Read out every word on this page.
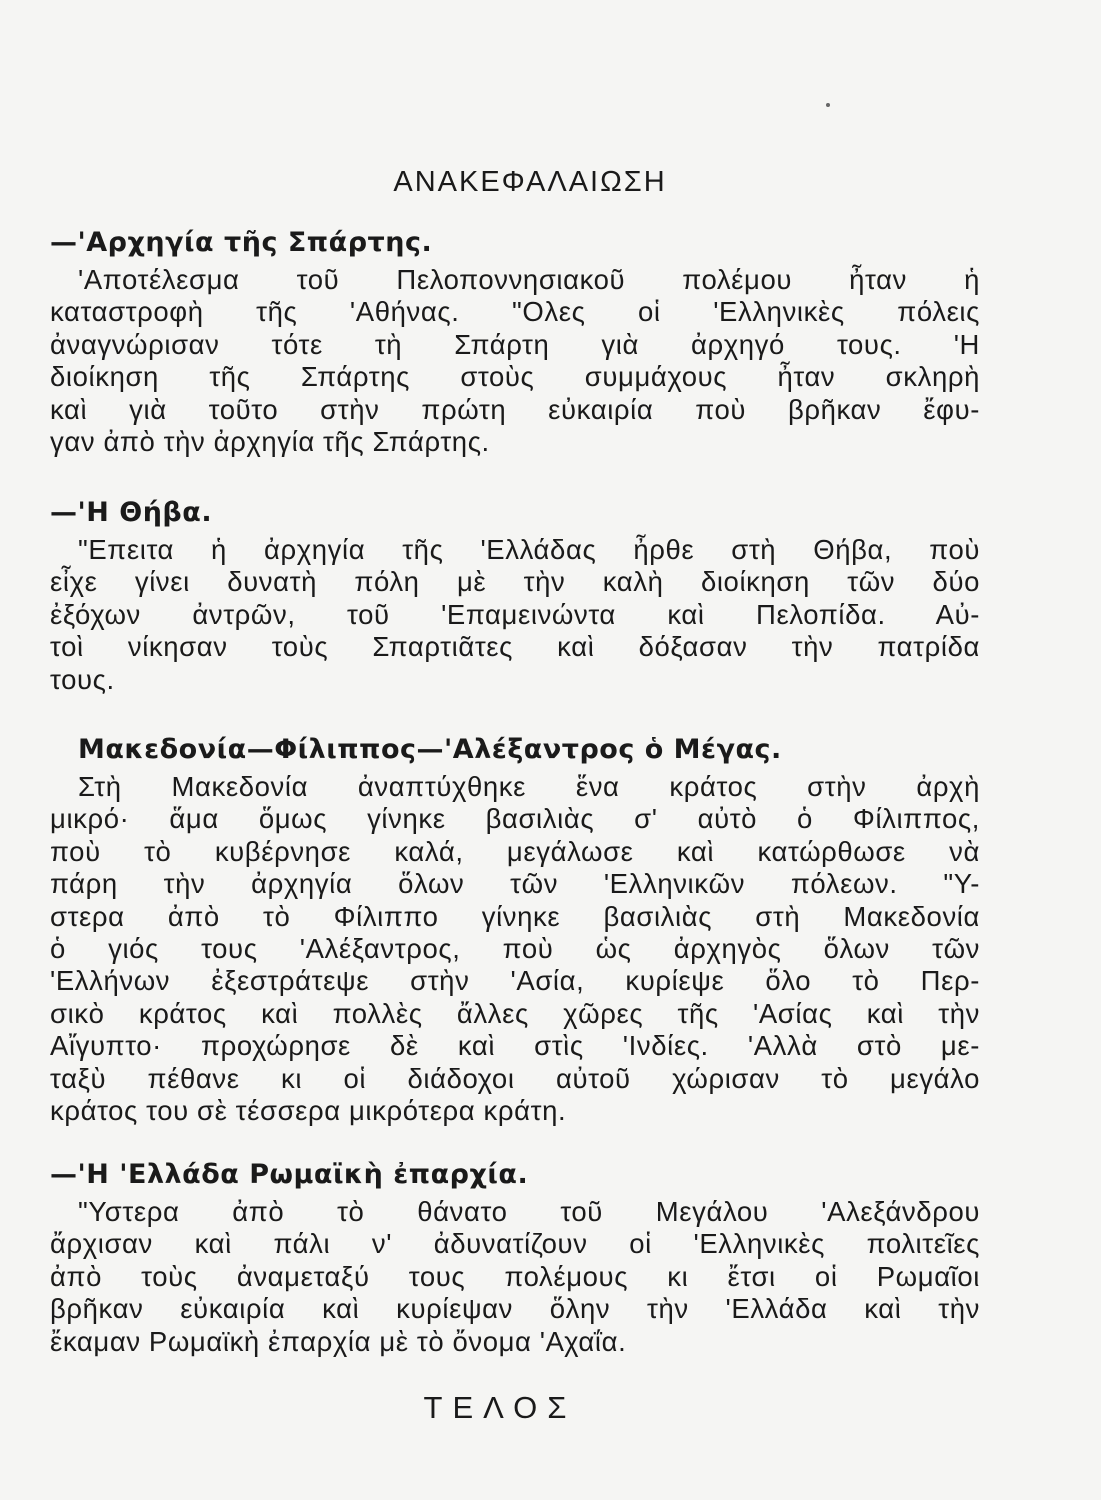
ΑΝΑΚΕΦΑΛΑΙΩΣΗ
—'Αρχηγία τῆς Σπάρτης.
'Αποτέλεσμα τοῦ Πελοποννησιακοῦ πολέμου ἦταν ἡ
καταστροφὴ τῆς 'Αθήνας. "Ολες οἱ 'Ελληνικὲς πόλεις
ἀναγνώρισαν τότε τὴ Σπάρτη γιὰ ἀρχηγό τους. 'Η
διοίκηση τῆς Σπάρτης στοὺς συμμάχους ἦταν σκληρὴ
καὶ γιὰ τοῦτο στὴν πρώτη εὐκαιρία ποὺ βρῆκαν ἔφυ-
γαν ἀπὸ τὴν ἀρχηγία τῆς Σπάρτης.
—'Η Θήβα.
"Επειτα ἡ ἀρχηγία τῆς 'Ελλάδας ἦρθε στὴ Θήβα, ποὺ
εἶχε γίνει δυνατὴ πόλη μὲ τὴν καλὴ διοίκηση τῶν δύο
ἐξόχων ἀντρῶν, τοῦ 'Επαμεινώντα καὶ Πελοπίδα. Αὐ-
τοὶ νίκησαν τοὺς Σπαρτιᾶτες καὶ δόξασαν τὴν πατρίδα
τους.
Μακεδονία—Φίλιππος—'Αλέξαντρος ὁ Μέγας.
Στὴ Μακεδονία ἀναπτύχθηκε ἕνα κράτος στὴν ἀρχὴ
μικρό· ἅμα ὅμως γίνηκε βασιλιὰς σ' αὐτὸ ὁ Φίλιππος,
ποὺ τὸ κυβέρνησε καλά, μεγάλωσε καὶ κατώρθωσε νὰ
πάρη τὴν ἀρχηγία ὅλων τῶν 'Ελληνικῶν πόλεων. "Υ-
στερα ἀπὸ τὸ Φίλιππο γίνηκε βασιλιὰς στὴ Μακεδονία
ὁ γιός τους 'Αλέξαντρος, ποὺ ὡς ἀρχηγὸς ὅλων τῶν
'Ελλήνων ἐξεστράτεψε στὴν 'Ασία, κυρίεψε ὅλο τὸ Περ-
σικὸ κράτος καὶ πολλὲς ἄλλες χῶρες τῆς 'Ασίας καὶ τὴν
Αἴγυπτο· προχώρησε δὲ καὶ στὶς 'Ινδίες. 'Αλλὰ στὸ με-
ταξὺ πέθανε κι οἱ διάδοχοι αὐτοῦ χώρισαν τὸ μεγάλο
κράτος του σὲ τέσσερα μικρότερα κράτη.
—'Η 'Ελλάδα Ρωμαϊκὴ ἐπαρχία.
"Υστερα ἀπὸ τὸ θάνατο τοῦ Μεγάλου 'Αλεξάνδρου
ἄρχισαν καὶ πάλι ν' ἀδυνατίζουν οἱ 'Ελληνικὲς πολιτεῖες
ἀπὸ τοὺς ἀναμεταξύ τους πολέμους κι ἔτσι οἱ Ρωμαῖοι
βρῆκαν εὐκαιρία καὶ κυρίεψαν ὅλην τὴν 'Ελλάδα καὶ τὴν
ἔκαμαν Ρωμαϊκὴ ἐπαρχία μὲ τὸ ὄνομα 'Αχαΐα.
ΤΕΛΟΣ
